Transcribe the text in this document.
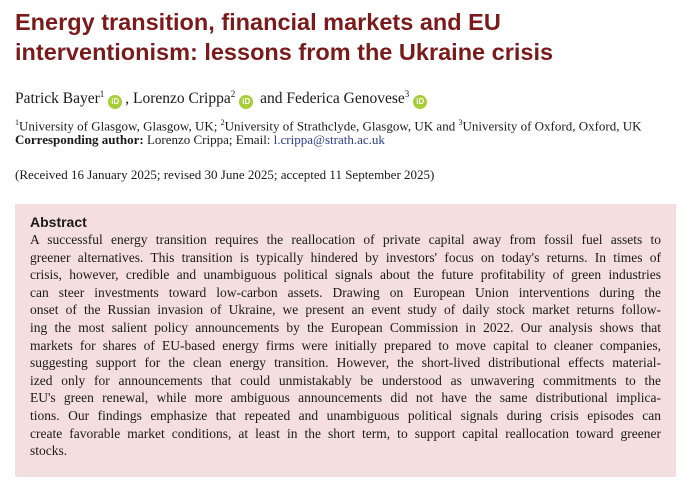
Energy transition, financial markets and EU
interventionism: lessons from the Ukraine crisis

Patrick Bayer$^1$iD , Lorenzo Crippa$^2$iD and Federica Genovese$^3$iD

$^1$University of Glasgow, Glasgow, UK; $^2$University of Strathclyde, Glasgow, UK and $^3$University of Oxford, Oxford, UK

Corresponding author: Lorenzo Crippa; Email: l.crippa@strath.ac.uk

(Received 16 January 2025; revised 30 June 2025; accepted 11 September 2025)

Abstract

A successful energy transition requires the reallocation of private capital away from fossil fuel assets to

greener alternatives. This transition is typically hindered by investors' focus on today's returns. In times of

crisis, however, credible and unambiguous political signals about the future profitability of green industries

can steer investments toward low-carbon assets. Drawing on European Union interventions during the

onset of the Russian invasion of Ukraine, we present an event study of daily stock market returns follow-

ing the most salient policy announcements by the European Commission in 2022. Our analysis shows that

markets for shares of EU-based energy firms were initially prepared to move capital to cleaner companies,

suggesting support for the clean energy transition. However, the short-lived distributional effects material-

ized only for announcements that could unmistakably be understood as unwavering commitments to the

EU's green renewal, while more ambiguous announcements did not have the same distributional implica-

tions. Our findings emphasize that repeated and unambiguous political signals during crisis episodes can

create favorable market conditions, at least in the short term, to support capital reallocation toward greener

stocks.
